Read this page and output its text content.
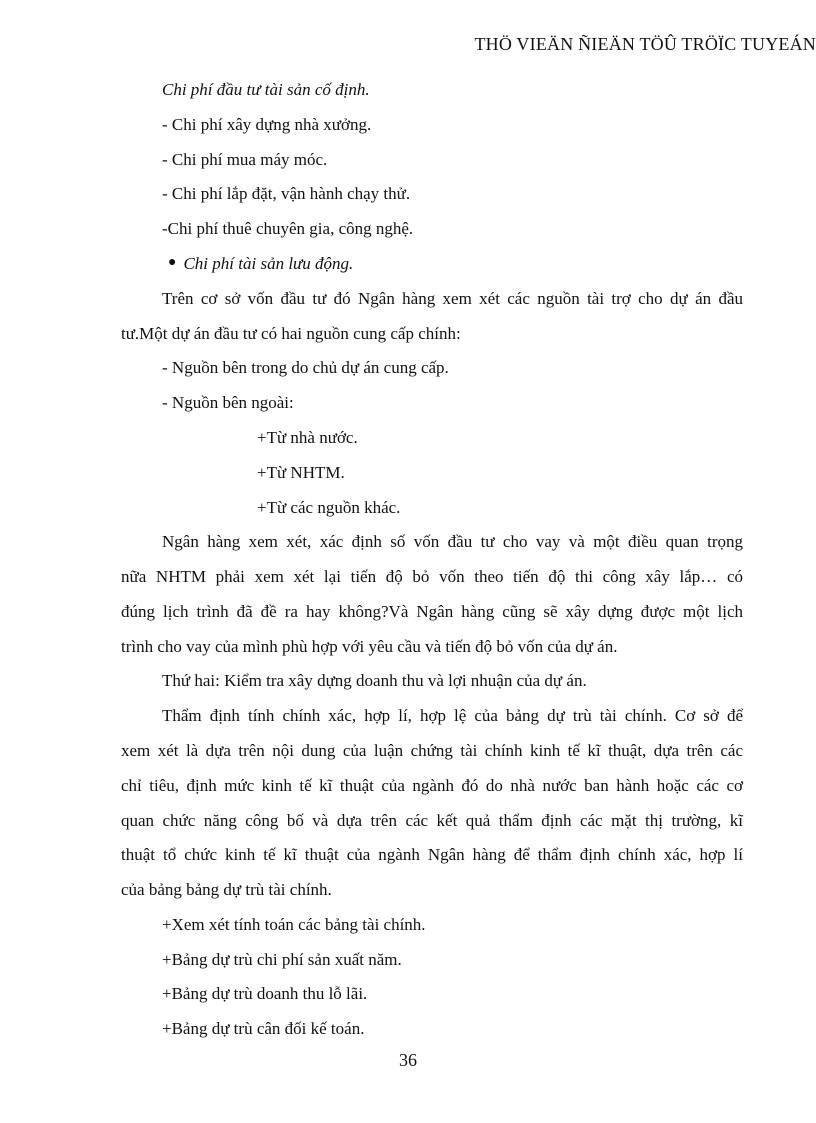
THÖ VIEÄN ÑIEÄN TÖÛ TRÖÏC TUYEÁN
Chi phí đầu tư tài sản cố định.
- Chi phí xây dựng nhà xưởng.
- Chi phí mua máy móc.
- Chi phí lắp đặt, vận hành chạy thử.
-Chi phí thuê chuyên gia, công nghệ.
● Chi phí tài sản lưu động.
Trên cơ sở vốn đầu tư đó Ngân hàng xem xét các nguồn tài trợ cho dự án đầu
tư.Một dự án đầu tư có hai nguồn cung cấp chính:
- Nguồn bên trong do chủ dự án cung cấp.
- Nguồn bên ngoài:
+Từ nhà nước.
+Từ NHTM.
+Từ các nguồn khác.
Ngân hàng xem xét, xác định số vốn đầu tư cho vay và một điều quan trọng
nữa NHTM phải xem xét lại tiến độ bỏ vốn theo tiến độ thi công xây lắp… có
đúng lịch trình đã đề ra hay không?Và Ngân hàng cũng sẽ xây dựng được một lịch
trình cho vay của mình phù hợp với yêu cầu và tiến độ bỏ vốn của dự án.
Thứ hai: Kiểm tra xây dựng doanh thu và lợi nhuận của dự án.
Thẩm định tính chính xác, hợp lí, hợp lệ của bảng dự trù tài chính. Cơ sở để
xem xét là dựa trên nội dung của luận chứng tài chính kinh tế kĩ thuật, dựa trên các
chỉ tiêu, định mức kinh tế kĩ thuật của ngành đó do nhà nước ban hành hoặc các cơ
quan chức năng công bố và dựa trên các kết quả thẩm định các mặt thị trường, kĩ
thuật tổ chức kinh tế kĩ thuật của ngành Ngân hàng để thẩm định chính xác, hợp lí
của bảng bảng dự trù tài chính.
+Xem xét tính toán các bảng tài chính.
+Bảng dự trù chi phí sản xuất năm.
+Bảng dự trù doanh thu lỗ lãi.
+Bảng dự trù cân đối kế toán.
36
